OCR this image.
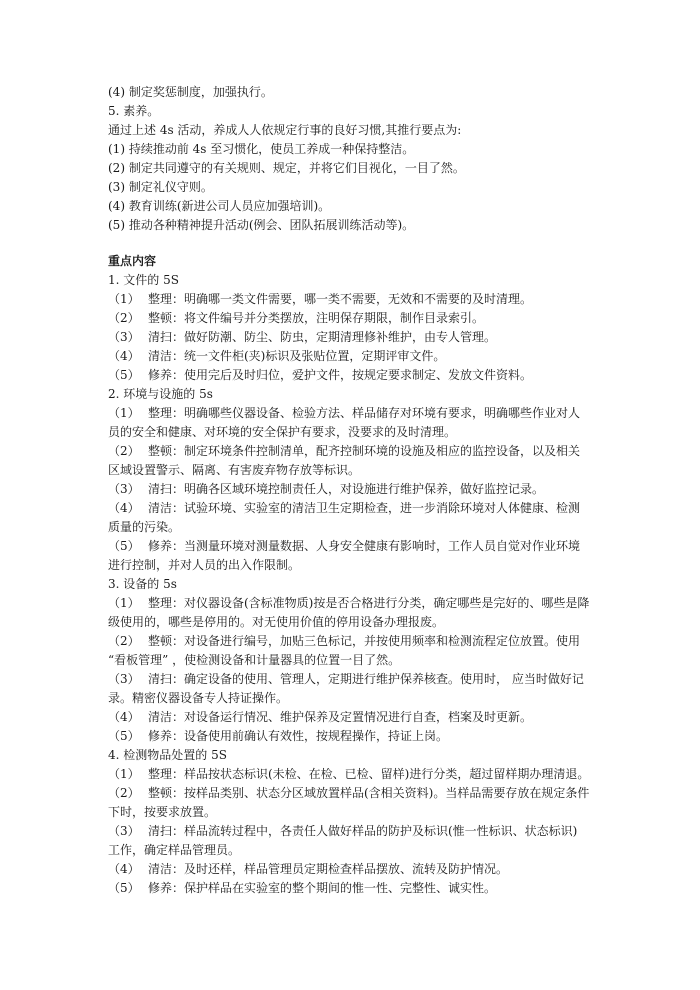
(4) 制定奖惩制度，加强执行。
5. 素养。
通过上述 4s 活动，养成人人依规定行事的良好习惯,其推行要点为:
(1) 持续推动前 4s 至习惯化，使员工养成一种保持整洁。
(2) 制定共同遵守的有关规则、规定，并将它们目视化，一目了然。
(3) 制定礼仪守则。
(4) 教育训练(新进公司人员应加强培训)。
(5) 推动各种精神提升活动(例会、团队拓展训练活动等)。
重点内容
1. 文件的 5S
（1） 整理：明确哪一类文件需要，哪一类不需要，无效和不需要的及时清理。
（2） 整顿：将文件编号并分类摆放，注明保存期限，制作目录索引。
（3） 清扫：做好防潮、防尘、防虫，定期清理修补维护，由专人管理。
（4） 清洁：统一文件柜(夹)标识及张贴位置，定期评审文件。
（5） 修养：使用完后及时归位，爱护文件，按规定要求制定、发放文件资料。
2. 环境与设施的 5s
（1） 整理：明确哪些仪器设备、检验方法、样品储存对环境有要求，明确哪些作业对人
员的安全和健康、对环境的安全保护有要求，没要求的及时清理。
（2） 整顿：制定环境条件控制清单，配齐控制环境的设施及相应的监控设备，以及相关
区域设置警示、隔离、有害废弃物存放等标识。
（3） 清扫：明确各区域环境控制责任人，对设施进行维护保养，做好监控记录。
（4） 清洁：试验环境、实验室的清洁卫生定期检查，进一步消除环境对人体健康、检测
质量的污染。
（5） 修养：当测量环境对测量数据、人身安全健康有影响时，工作人员自觉对作业环境
进行控制，并对人员的出入作限制。
3. 设备的 5s
（1） 整理：对仪器设备(含标准物质)按是否合格进行分类，确定哪些是完好的、哪些是降
级使用的，哪些是停用的。对无使用价值的停用设备办理报废。
（2） 整顿：对设备进行编号，加贴三色标记，并按使用频率和检测流程定位放置。使用
“看板管理” ，使检测设备和计量器具的位置一目了然。
（3） 清扫：确定设备的使用、管理人，定期进行维护保养核查。使用时， 应当时做好记
录。精密仪器设备专人持证操作。
（4） 清洁：对设备运行情况、维护保养及定置情况进行自查，档案及时更新。
（5） 修养：设备使用前确认有效性，按规程操作，持证上岗。
4. 检测物品处置的 5S
（1） 整理：样品按状态标识(未检、在检、已检、留样)进行分类，超过留样期办理清退。
（2） 整顿：按样品类别、状态分区域放置样品(含相关资料)。当样品需要存放在规定条件
下时，按要求放置。
（3） 清扫：样品流转过程中，各责任人做好样品的防护及标识(惟一性标识、状态标识)
工作，确定样品管理员。
（4） 清洁：及时还样，样品管理员定期检查样品摆放、流转及防护情况。
（5） 修养：保护样品在实验室的整个期间的惟一性、完整性、诚实性。
